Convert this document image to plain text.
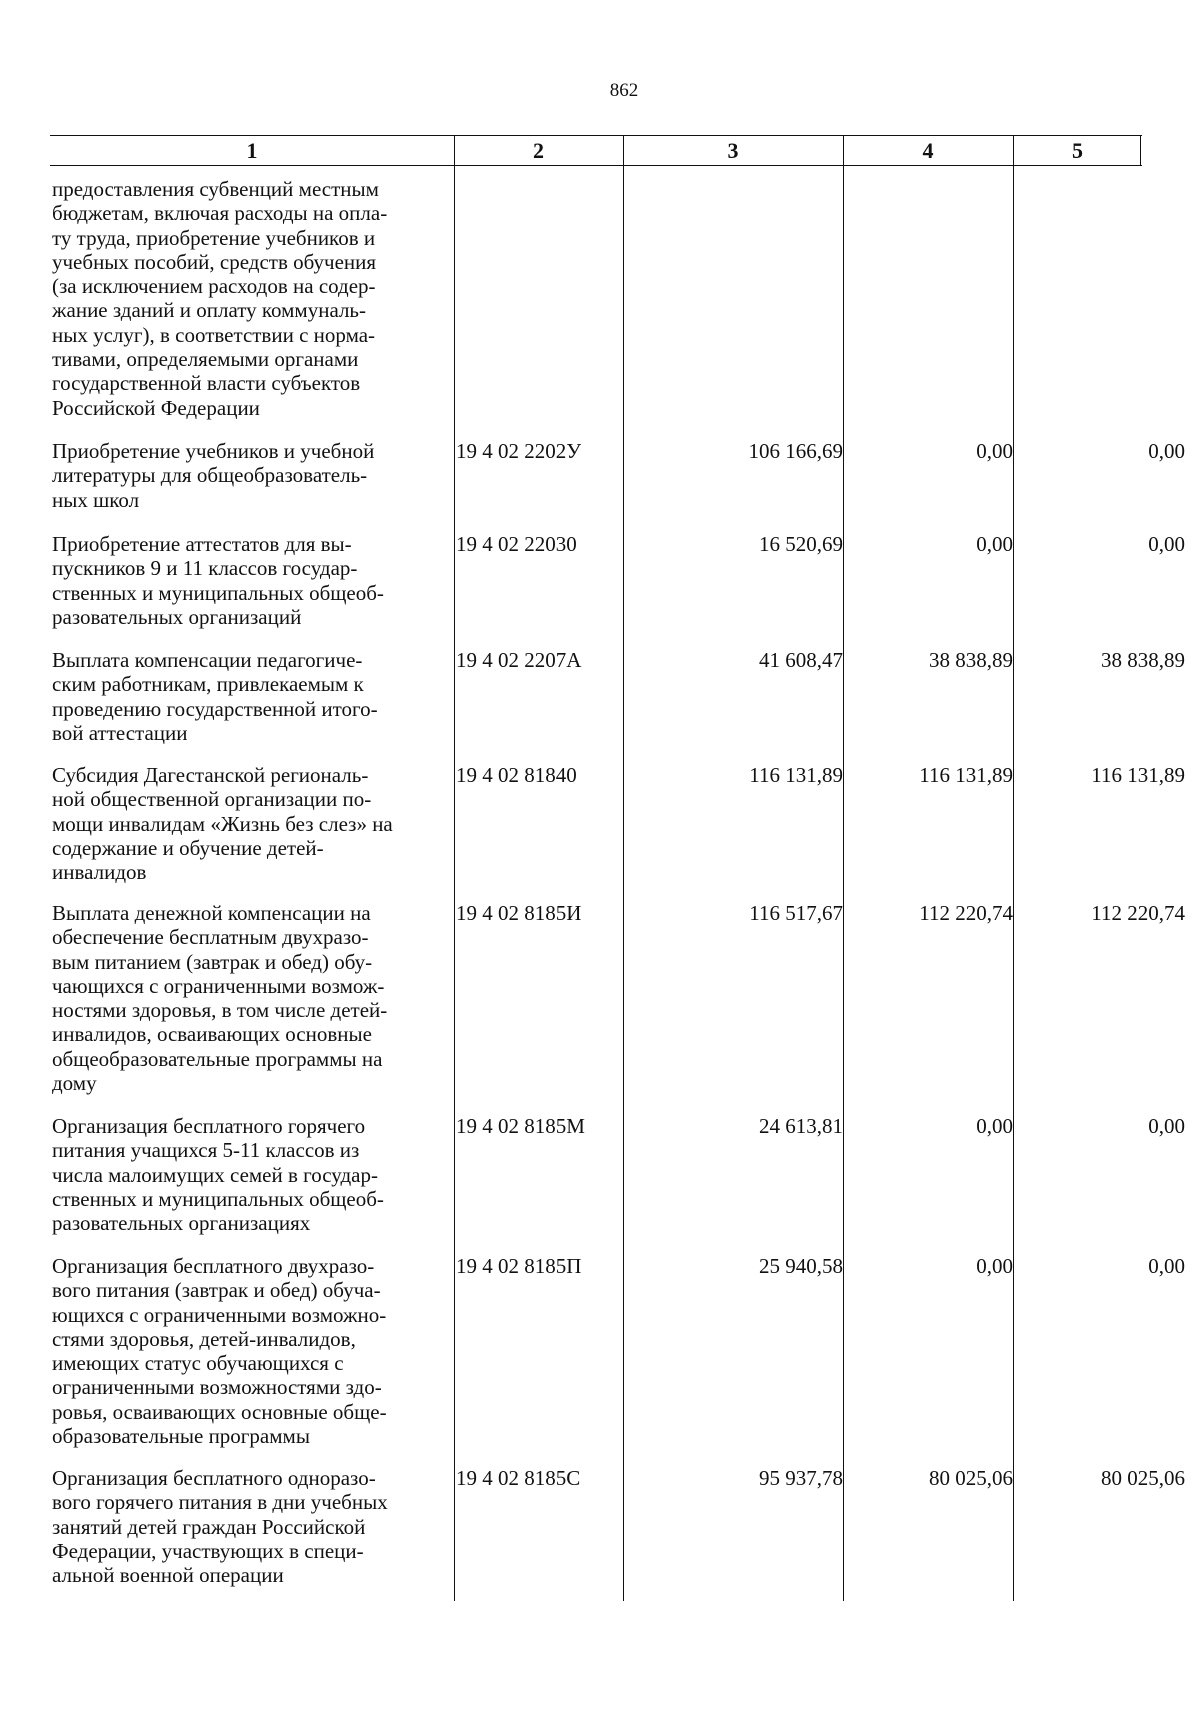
862
1	2	3	4	5
предоставления субвенций местным
бюджетам, включая расходы на опла-
ту труда, приобретение учебников и
учебных пособий, средств обучения
(за исключением расходов на содер-
жание зданий и оплату коммуналь-
ных услуг), в соответствии с норма-
тивами, определяемыми органами
государственной власти субъектов
Российской Федерации
Приобретение учебников и учебной
литературы для общеобразователь-
ных школ
19 4 02 2202У	106 166,69	0,00	0,00
Приобретение аттестатов для вы-
пускников 9 и 11 классов государ-
ственных и муниципальных общеоб-
разовательных организаций
19 4 02 22030	16 520,69	0,00	0,00
Выплата компенсации педагогиче-
ским работникам, привлекаемым к
проведению государственной итого-
вой аттестации
19 4 02 2207А	41 608,47	38 838,89	38 838,89
Субсидия Дагестанской региональ-
ной общественной организации по-
мощи инвалидам «Жизнь без слез» на
содержание и обучение детей-
инвалидов
19 4 02 81840	116 131,89	116 131,89	116 131,89
Выплата денежной компенсации на
обеспечение бесплатным двухразо-
вым питанием (завтрак и обед) обу-
чающихся с ограниченными возмож-
ностями здоровья, в том числе детей-
инвалидов, осваивающих основные
общеобразовательные программы на
дому
19 4 02 8185И	116 517,67	112 220,74	112 220,74
Организация бесплатного горячего
питания учащихся 5-11 классов из
числа малоимущих семей в государ-
ственных и муниципальных общеоб-
разовательных организациях
19 4 02 8185М	24 613,81	0,00	0,00
Организация бесплатного двухразо-
вого питания (завтрак и обед) обуча-
ющихся с ограниченными возможно-
стями здоровья, детей-инвалидов,
имеющих статус обучающихся с
ограниченными возможностями здо-
ровья, осваивающих основные обще-
образовательные программы
19 4 02 8185П	25 940,58	0,00	0,00
Организация бесплатного одноразо-
вого горячего питания в дни учебных
занятий детей граждан Российской
Федерации, участвующих в специ-
альной военной операции
19 4 02 8185С	95 937,78	80 025,06	80 025,06
